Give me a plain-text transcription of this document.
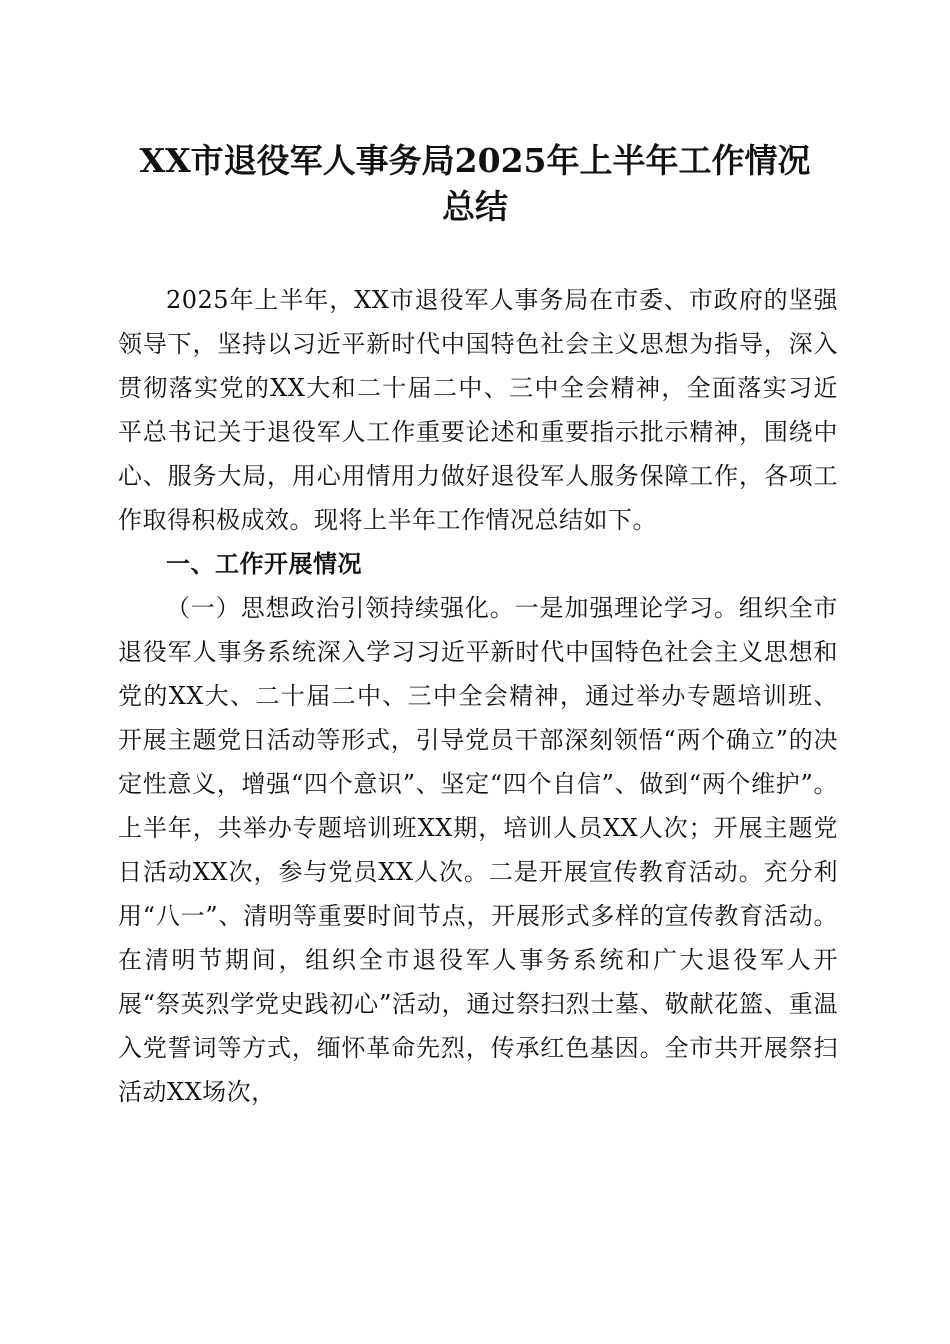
XX市退役军人事务局2025年上半年工作情况
总结

2025年上半年，XX市退役军人事务局在市委、市政府的坚强领导下，坚持以习近平新时代中国特色社会主义思想为指导，深入贯彻落实党的XX大和二十届二中、三中全会精神，全面落实习近平总书记关于退役军人工作重要论述和重要指示批示精神，围绕中心、服务大局，用心用情用力做好退役军人服务保障工作，各项工作取得积极成效。现将上半年工作情况总结如下。

一、工作开展情况

（一）思想政治引领持续强化。一是加强理论学习。组织全市退役军人事务系统深入学习习近平新时代中国特色社会主义思想和党的XX大、二十届二中、三中全会精神，通过举办专题培训班、开展主题党日活动等形式，引导党员干部深刻领悟“两个确立”的决定性意义，增强“四个意识”、坚定“四个自信”、做到“两个维护”。上半年，共举办专题培训班XX期，培训人员XX人次；开展主题党日活动XX次，参与党员XX人次。二是开展宣传教育活动。充分利用“八一”、清明等重要时间节点，开展形式多样的宣传教育活动。在清明节期间，组织全市退役军人事务系统和广大退役军人开展“祭英烈学党史践初心”活动，通过祭扫烈士墓、敬献花篮、重温入党誓词等方式，缅怀革命先烈，传承红色基因。全市共开展祭扫活动XX场次，
